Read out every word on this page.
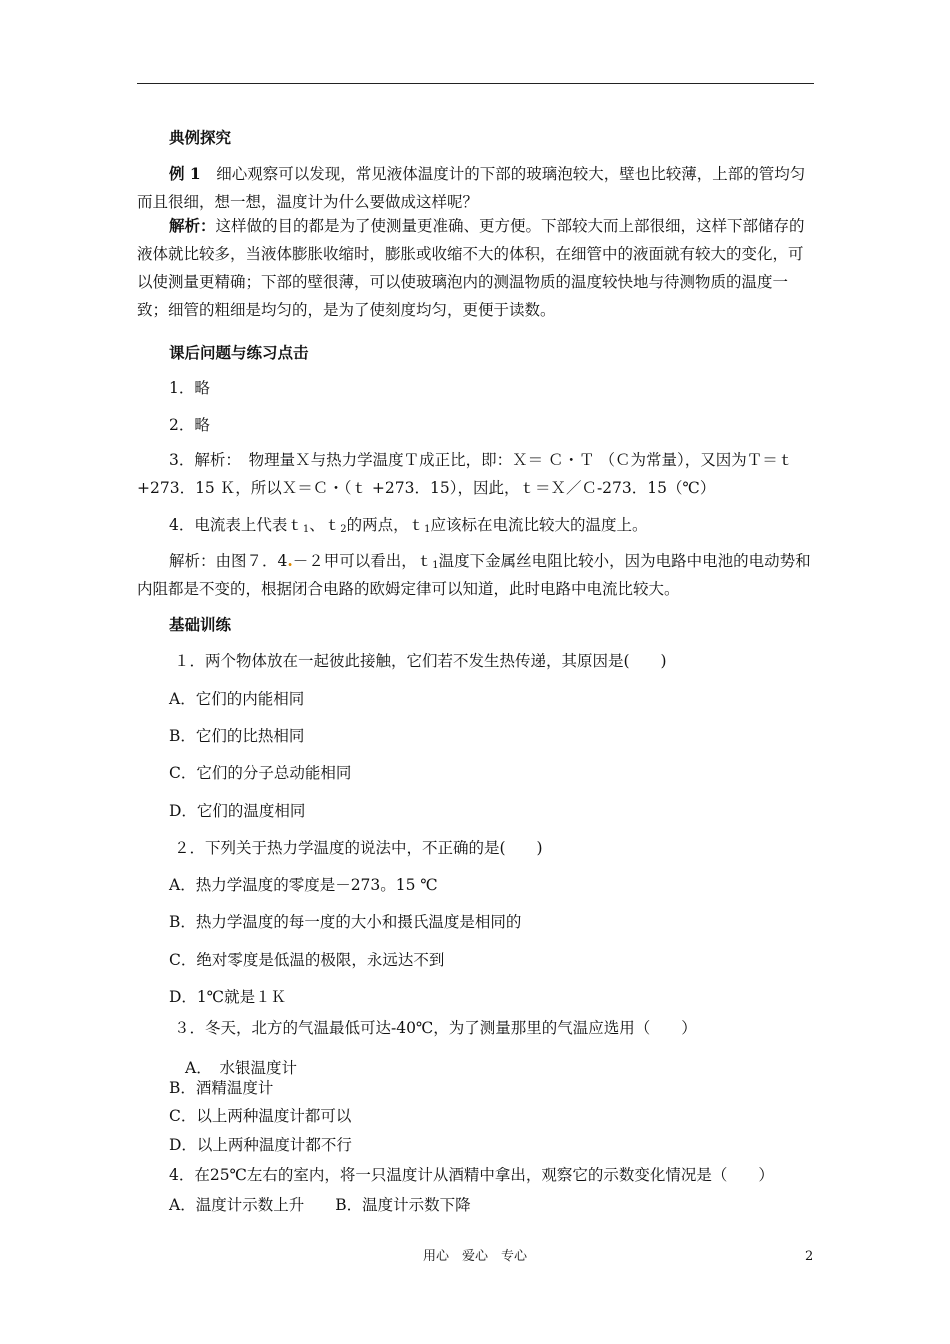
典例探究

例 1　 细心观察可以发现，常见液体温度计的下部的玻璃泡较大，壁也比较薄，上部的管均匀而且很细，想一想，温度计为什么要做成这样呢？

解析：这样做的目的都是为了使测量更准确、更方便。下部较大而上部很细，这样下部储存的液体就比较多，当液体膨胀收缩时，膨胀或收缩不大的体积，在细管中的液面就有较大的变化，可以使测量更精确；下部的壁很薄，可以使玻璃泡内的测温物质的温度较快地与待测物质的温度一致；细管的粗细是均匀的，是为了使刻度均匀，更便于读数。

课后问题与练习点击

1．略

2．略

3．解析：　物理量Ｘ与热力学温度Ｔ成正比，即：Ｘ＝ Ｃ・Ｔ （Ｃ为常量），又因为Ｔ＝ｔ+273．15 Ｋ，所以Ｘ＝Ｃ・（ｔ +273．15），因此，ｔ＝Ｘ／Ｃ-273．15（℃）

4．电流表上代表ｔ$_1$、ｔ$_2$的两点，ｔ$_1$应该标在电流比较大的温度上。

解析：由图７．4.－２甲可以看出，ｔ$_1$温度下金属丝电阻比较小，因为电路中电池的电动势和内阻都是不变的，根据闭合电路的欧姆定律可以知道，此时电路中电流比较大。

基础训练

１．两个物体放在一起彼此接触，它们若不发生热传递，其原因是(　　)

A．它们的内能相同

B．它们的比热相同

C．它们的分子总动能相同

D．它们的温度相同

２．下列关于热力学温度的说法中，不正确的是(　　)

A．热力学温度的零度是－273。15 ℃

B．热力学温度的每一度的大小和摄氏温度是相同的

C．绝对零度是低温的极限，永远达不到

D．1℃就是１Ｋ

３．冬天，北方的气温最低可达-40℃，为了测量那里的气温应选用（　　）

A．　水银温度计

B．酒精温度计

C．以上两种温度计都可以

D．以上两种温度计都不行

4．在25℃左右的室内，将一只温度计从酒精中拿出，观察它的示数变化情况是（　　）

A．温度计示数上升　　B．温度计示数下降

用心　爱心　专心	2
